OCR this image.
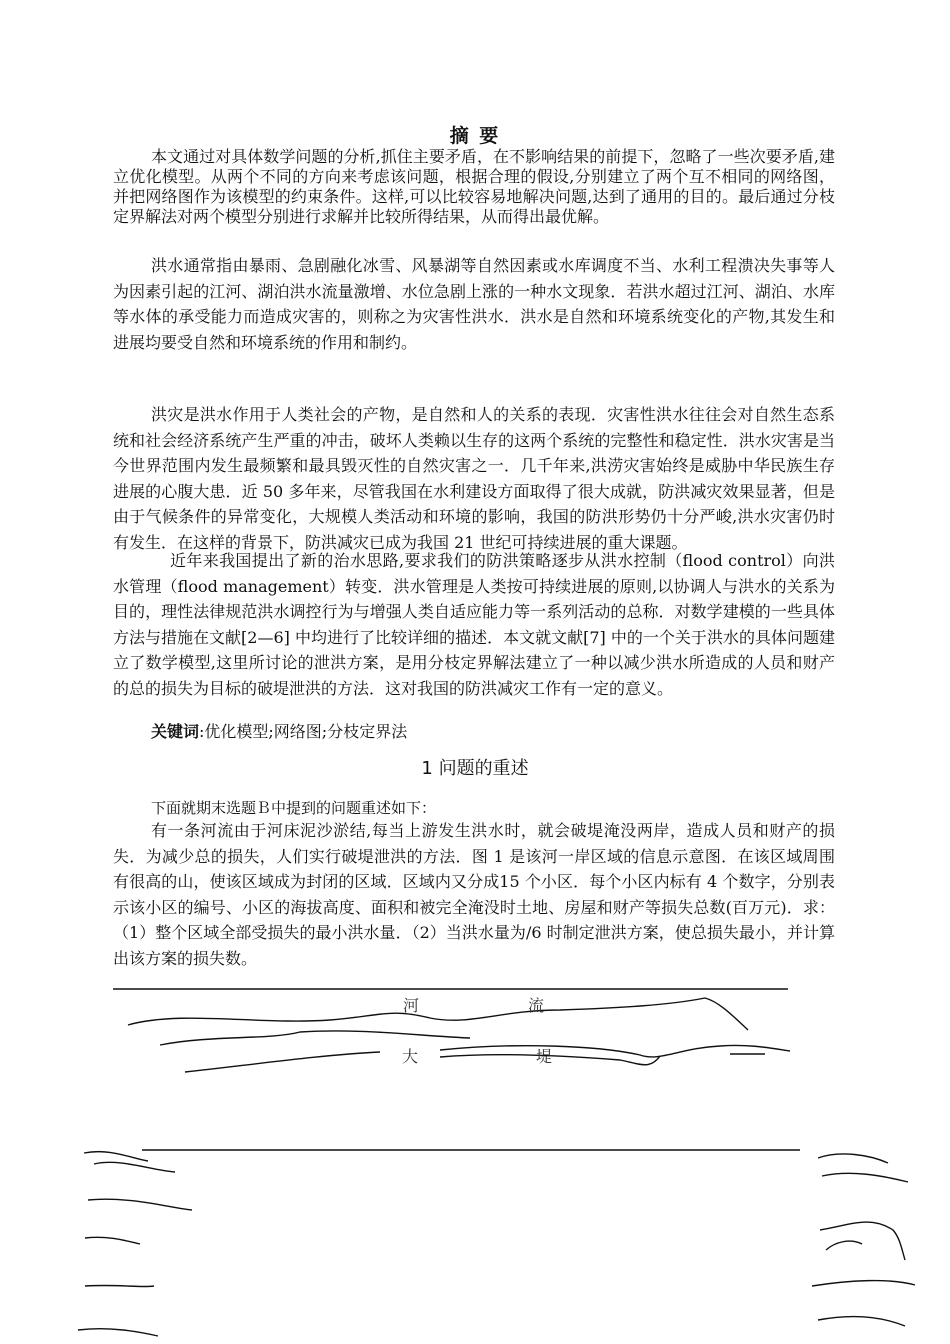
摘 要

本文通过对具体数学问题的分析,抓住主要矛盾，在不影响结果的前提下，忽略了一些次要矛盾,建立优化模型。从两个不同的方向来考虑该问题，根据合理的假设,分别建立了两个互不相同的网络图，并把网络图作为该模型的约束条件。这样,可以比较容易地解决问题,达到了通用的目的。最后通过分枝定界解法对两个模型分别进行求解并比较所得结果，从而得出最优解。

洪水通常指由暴雨、急剧融化冰雪、风暴湖等自然因素或水库调度不当、水利工程溃决失事等人为因素引起的江河、湖泊洪水流量激增、水位急剧上涨的一种水文现象．若洪水超过江河、湖泊、水库等水体的承受能力而造成灾害的，则称之为灾害性洪水．洪水是自然和环境系统变化的产物,其发生和进展均要受自然和环境系统的作用和制约。

洪灾是洪水作用于人类社会的产物，是自然和人的关系的表现．灾害性洪水往往会对自然生态系统和社会经济系统产生严重的冲击，破坏人类赖以生存的这两个系统的完整性和稳定性．洪水灾害是当今世界范围内发生最频繁和最具毁灭性的自然灾害之一．几千年来,洪涝灾害始终是威胁中华民族生存进展的心腹大患．近 50 多年来，尽管我国在水利建设方面取得了很大成就，防洪减灾效果显著，但是由于气候条件的异常变化，大规模人类活动和环境的影响，我国的防洪形势仍十分严峻,洪水灾害仍时有发生．在这样的背景下，防洪减灾已成为我国 21 世纪可持续进展的重大课题。

近年来我国提出了新的治水思路,要求我们的防洪策略逐步从洪水控制（flood control）向洪水管理（flood management）转变．洪水管理是人类按可持续进展的原则,以协调人与洪水的关系为目的，理性法律规范洪水调控行为与增强人类自适应能力等一系列活动的总称．对数学建模的一些具体方法与措施在文献[2—6] 中均进行了比较详细的描述．本文就文献[7] 中的一个关于洪水的具体问题建立了数学模型,这里所讨论的泄洪方案，是用分枝定界解法建立了一种以减少洪水所造成的人员和财产的总的损失为目标的破堤泄洪的方法．这对我国的防洪减灾工作有一定的意义。

关键词:优化模型;网络图;分枝定界法

1 问题的重述

下面就期末选题Ｂ中提到的问题重述如下：

有一条河流由于河床泥沙淤结,每当上游发生洪水时，就会破堤淹没两岸，造成人员和财产的损失．为减少总的损失，人们实行破堤泄洪的方法．图 1 是该河一岸区域的信息示意图．在该区域周围有很高的山，使该区域成为封闭的区域．区域内又分成15 个小区．每个小区内标有 4 个数字，分别表示该小区的编号、小区的海拔高度、面积和被完全淹没时土地、房屋和财产等损失总数(百万元)．求：（1）整个区域全部受损失的最小洪水量．（2）当洪水量为/6 时制定泄洪方案，使总损失最小，并计算出该方案的损失数。

河	流
大	堤
